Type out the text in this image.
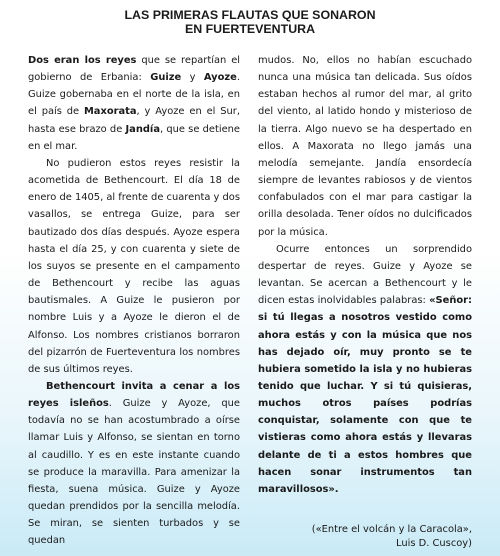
LAS PRIMERAS FLAUTAS QUE SONARON
EN FUERTEVENTURA

Dos eran los reyes que se repartían el gobierno de Erbania: Guize y Ayoze. Guize gobernaba en el norte de la isla, en el país de Maxorata, y Ayoze en el Sur, hasta ese brazo de Jandía, que se detiene en el mar.

No pudieron estos reyes resistir la acometida de Bethencourt. El día 18 de enero de 1405, al frente de cuarenta y dos vasallos, se entrega Guize, para ser bautizado dos días después. Ayoze espera hasta el día 25, y con cuarenta y siete de los suyos se presente en el campamento de Bethencourt y recibe las aguas bautismales. A Guize le pusieron por nombre Luis y a Ayoze le dieron el de Alfonso. Los nombres cristianos borraron del pizarrón de Fuerteventura los nombres de sus últimos reyes.

Bethencourt invita a cenar a los reyes isleños. Guize y Ayoze, que todavía no se han acostumbrado a oírse llamar Luis y Alfonso, se sientan en torno al caudillo. Y es en este instante cuando se produce la maravilla. Para amenizar la fiesta, suena música. Guize y Ayoze quedan prendidos por la sencilla melodía. Se miran, se sienten turbados y se quedan

mudos. No, ellos no habían escuchado nunca una música tan delicada. Sus oídos estaban hechos al rumor del mar, al grito del viento, al latido hondo y misterioso de la tierra. Algo nuevo se ha despertado en ellos. A Maxorata no llego jamás una melodía semejante. Jandía ensordecía siempre de levantes rabiosos y de vientos confabulados con el mar para castigar la orilla desolada. Tener oídos no dulcificados por la música.

Ocurre entonces un sorprendido despertar de reyes. Guize y Ayoze se levantan. Se acercan a Bethencourt y le dicen estas inolvidables palabras: «Señor: si tú llegas a nosotros vestido como ahora estás y con la música que nos has dejado oír, muy pronto se te hubiera sometido la isla y no hubieras tenido que luchar. Y si tú quisieras, muchos otros países podrías conquistar, solamente con que te vistieras como ahora estás y llevaras delante de ti a estos hombres que hacen sonar instrumentos tan maravillosos».

(«Entre el volcán y la Caracola»,
Luis D. Cuscoy)
